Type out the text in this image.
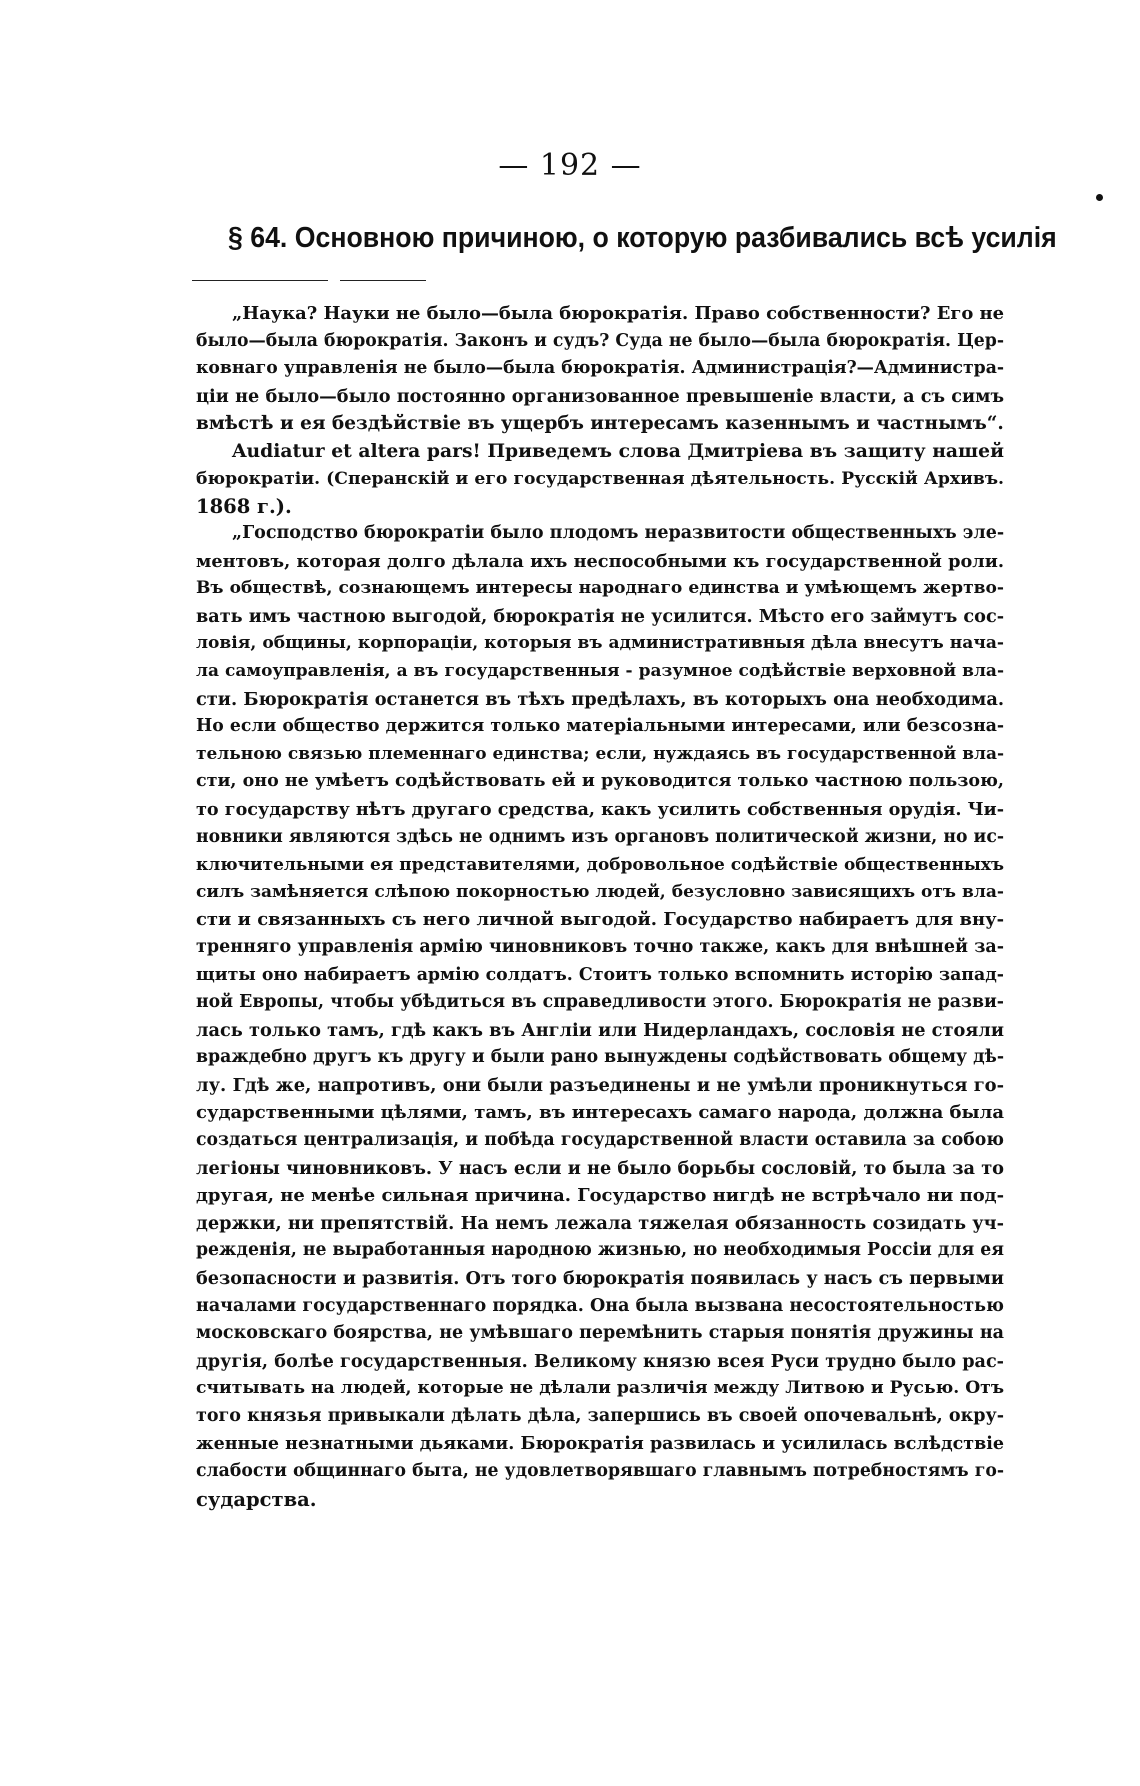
— 192 —
§ 64. Основною причиною, о которую разбивались всѣ усилія
„Наука? Науки не было—была бюрократія. Право собственности? Его не
было—была бюрократія. Законъ и судъ? Суда не было—была бюрократія. Цер-
ковнаго управленія не было—была бюрократія. Администрація?—Администра-
ціи не было—было постоянно организованное превышеніе власти, а съ симъ
вмѣстѣ и ея бездѣйствіе въ ущербъ интересамъ казеннымъ и частнымъ“.
Audiatur et altera pars! Приведемъ слова Дмитріева въ защиту нашей
бюрократіи. (Сперанскій и его государственная дѣятельность. Русскій Архивъ.
1868 г.).
„Господство бюрократіи было плодомъ неразвитости общественныхъ эле-
ментовъ, которая долго дѣлала ихъ неспособными къ государственной роли.
Въ обществѣ, сознающемъ интересы народнаго единства и умѣющемъ жертво-
вать имъ частною выгодой, бюрократія не усилится. Мѣсто его займутъ сос-
ловія, общины, корпораціи, которыя въ административныя дѣла внесутъ нача-
ла самоуправленія, а въ государственныя - разумное содѣйствіе верховной вла-
сти. Бюрократія останется въ тѣхъ предѣлахъ, въ которыхъ она необходима.
Но если общество держится только матеріальными интересами, или безсозна-
тельною связью племеннаго единства; если, нуждаясь въ государственной вла-
сти, оно не умѣетъ содѣйствовать ей и руководится только частною пользою,
то государству нѣтъ другаго средства, какъ усилить собственныя орудія. Чи-
новники являются здѣсь не однимъ изъ органовъ политической жизни, но ис-
ключительными ея представителями, добровольное содѣйствіе общественныхъ
силъ замѣняется слѣпою покорностью людей, безусловно зависящихъ отъ вла-
сти и связанныхъ съ него личной выгодой. Государство набираетъ для вну-
тренняго управленія армію чиновниковъ точно также, какъ для внѣшней за-
щиты оно набираетъ армію солдатъ. Стоитъ только вспомнить исторію запад-
ной Европы, чтобы убѣдиться въ справедливости этого. Бюрократія не разви-
лась только тамъ, гдѣ какъ въ Англіи или Нидерландахъ, сословія не стояли
враждебно другъ къ другу и были рано вынуждены содѣйствовать общему дѣ-
лу. Гдѣ же, напротивъ, они были разъединены и не умѣли проникнуться го-
сударственными цѣлями, тамъ, въ интересахъ самаго народа, должна была
создаться централизація, и побѣда государственной власти оставила за собою
легіоны чиновниковъ. У насъ если и не было борьбы сословій, то была за то
другая, не менѣе сильная причина. Государство нигдѣ не встрѣчало ни под-
держки, ни препятствій. На немъ лежала тяжелая обязанность созидать уч-
режденія, не выработанныя народною жизнью, но необходимыя Россіи для ея
безопасности и развитія. Отъ того бюрократія появилась у насъ съ первыми
началами государственнаго порядка. Она была вызвана несостоятельностью
московскаго боярства, не умѣвшаго перемѣнить старыя понятія дружины на
другія, болѣе государственныя. Великому князю всея Руси трудно было рас-
считывать на людей, которые не дѣлали различія между Литвою и Русью. Отъ
того князья привыкали дѣлать дѣла, запершись въ своей опочевальнѣ, окру-
женные незнатными дьяками. Бюрократія развилась и усилилась вслѣдствіе
слабости общиннаго быта, не удовлетворявшаго главнымъ потребностямъ го-
сударства.
